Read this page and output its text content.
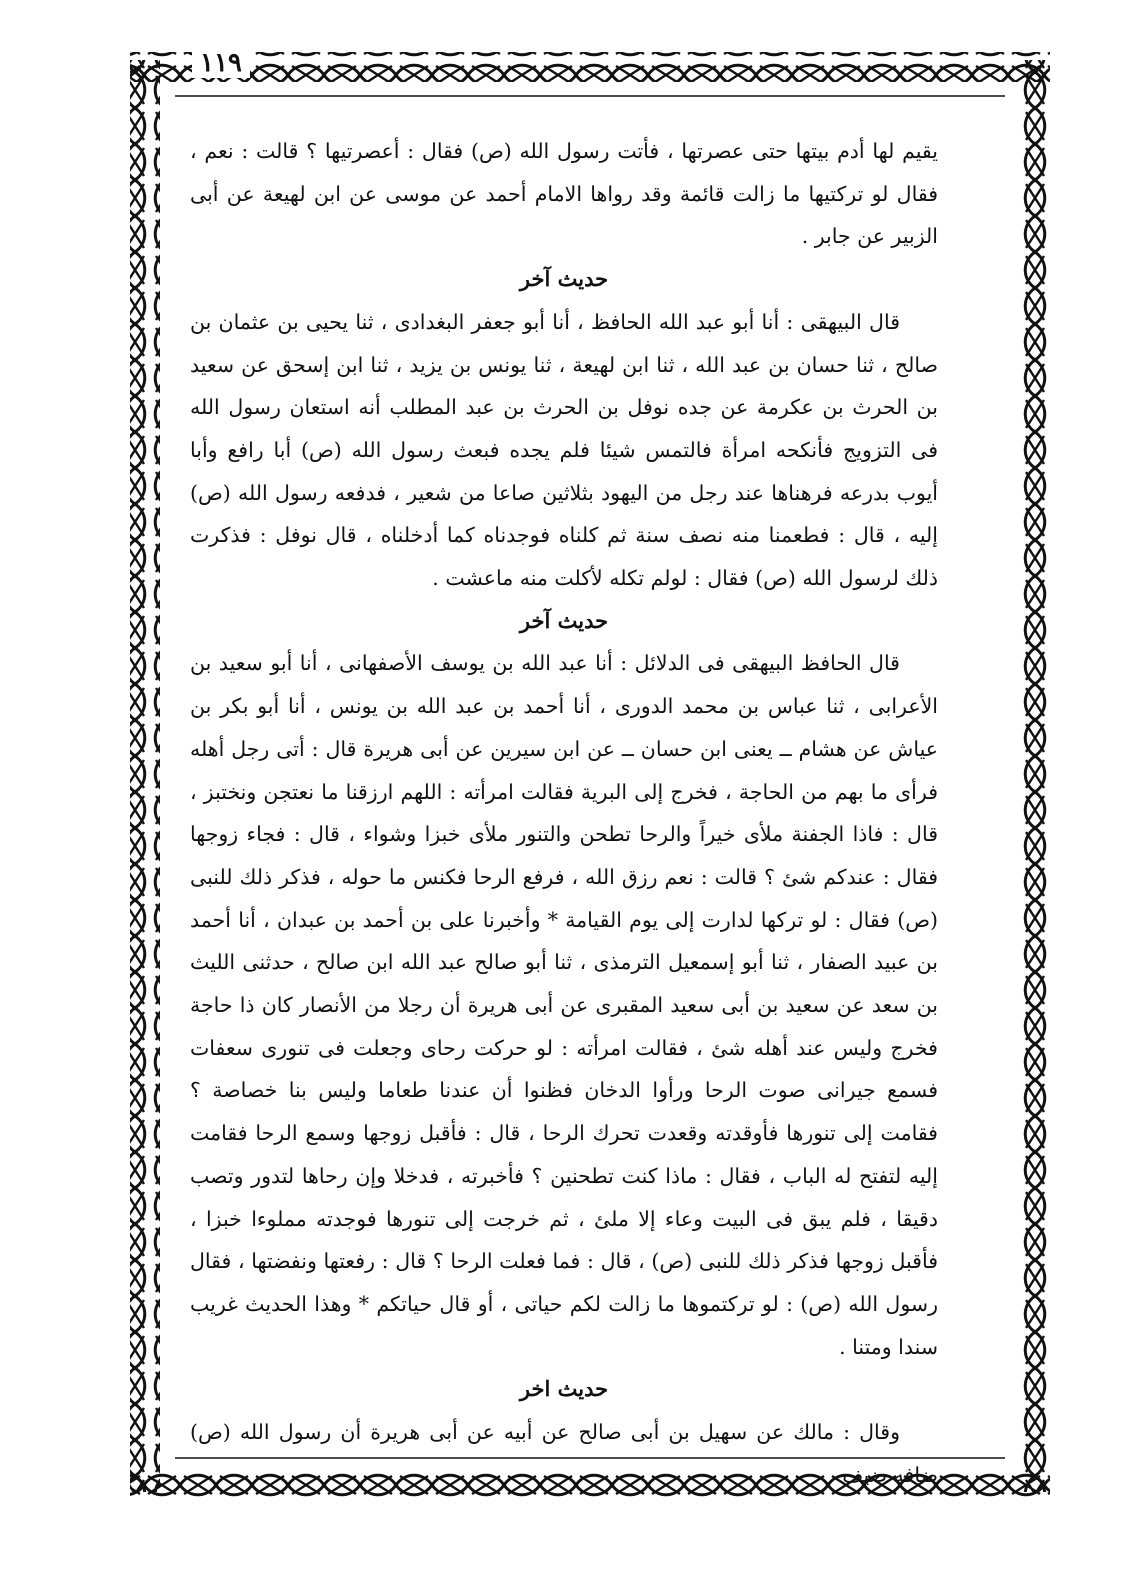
١١٩

يقيم لها أدم بيتها حتى عصرتها ، فأتت رسول الله (ص) فقال : أعصرتيها ؟ قالت : نعم ، فقال لو تركتيها ما زالت قائمة وقد رواها الامام أحمد عن موسى عن ابن لهيعة عن أبى الزبير عن جابر .

حديث آخر

قال البيهقى : أنا أبو عبد الله الحافظ ، أنا أبو جعفر البغدادى ، ثنا يحيى بن عثمان بن صالح ، ثنا حسان بن عبد الله ، ثنا ابن لهيعة ، ثنا يونس بن يزيد ، ثنا ابن إسحق عن سعيد بن الحرث بن عكرمة عن جده نوفل بن الحرث بن عبد المطلب أنه استعان رسول الله فى التزويج فأنكحه امرأة فالتمس شيئا فلم يجده فبعث رسول الله (ص) أبا رافع وأبا أيوب بدرعه فرهناها عند رجل من اليهود بثلاثين صاعا من شعير ، فدفعه رسول الله (ص) إليه ، قال : فطعمنا منه نصف سنة ثم كلناه فوجدناه كما أدخلناه ، قال نوفل : فذكرت ذلك لرسول الله (ص) فقال : لولم تكله لأكلت منه ماعشت .

حديث آخر

قال الحافظ البيهقى فى الدلائل : أنا عبد الله بن يوسف الأصفهانى ، أنا أبو سعيد بن الأعرابى ، ثنا عباس بن محمد الدورى ، أنا أحمد بن عبد الله بن يونس ، أنا أبو بكر بن عياش عن هشام ــ يعنى ابن حسان ــ عن ابن سيرين عن أبى هريرة قال : أتى رجل أهله فرأى ما بهم من الحاجة ، فخرج إلى البرية فقالت امرأته : اللهم ارزقنا ما نعتجن ونختبز ، قال : فاذا الجفنة ملأى خيراً والرحا تطحن والتنور ملأى خبزا وشواء ، قال : فجاء زوجها فقال : عندكم شئ ؟ قالت : نعم رزق الله ، فرفع الرحا فكنس ما حوله ، فذكر ذلك للنبى (ص) فقال : لو تركها لدارت إلى يوم القيامة * وأخبرنا على بن أحمد بن عبدان ، أنا أحمد بن عبيد الصفار ، ثنا أبو إسمعيل الترمذى ، ثنا أبو صالح عبد الله ابن صالح ، حدثنى الليث بن سعد عن سعيد بن أبى سعيد المقبرى عن أبى هريرة أن رجلا من الأنصار كان ذا حاجة فخرج وليس عند أهله شئ ، فقالت امرأته : لو حركت رحاى وجعلت فى تنورى سعفات فسمع جيرانى صوت الرحا ورأوا الدخان فظنوا أن عندنا طعاما وليس بنا خصاصة ؟ فقامت إلى تنورها فأوقدته وقعدت تحرك الرحا ، قال : فأقبل زوجها وسمع الرحا فقامت إليه لتفتح له الباب ، فقال : ماذا كنت تطحنين ؟ فأخبرته ، فدخلا وإن رحاها لتدور وتصب دقيقا ، فلم يبق فى البيت وعاء إلا ملئ ، ثم خرجت إلى تنورها فوجدته مملوءا خبزا ، فأقبل زوجها فذكر ذلك للنبى (ص) ، قال : فما فعلت الرحا ؟ قال : رفعتها ونفضتها ، فقال رسول الله (ص) : لو تركتموها ما زالت لكم حياتى ، أو قال حياتكم * وهذا الحديث غريب سندا ومتنا .

حديث اخر

وقال : مالك عن سهيل بن أبى صالح عن أبيه عن أبى هريرة أن رسول الله (ص) ضافه ضيف
